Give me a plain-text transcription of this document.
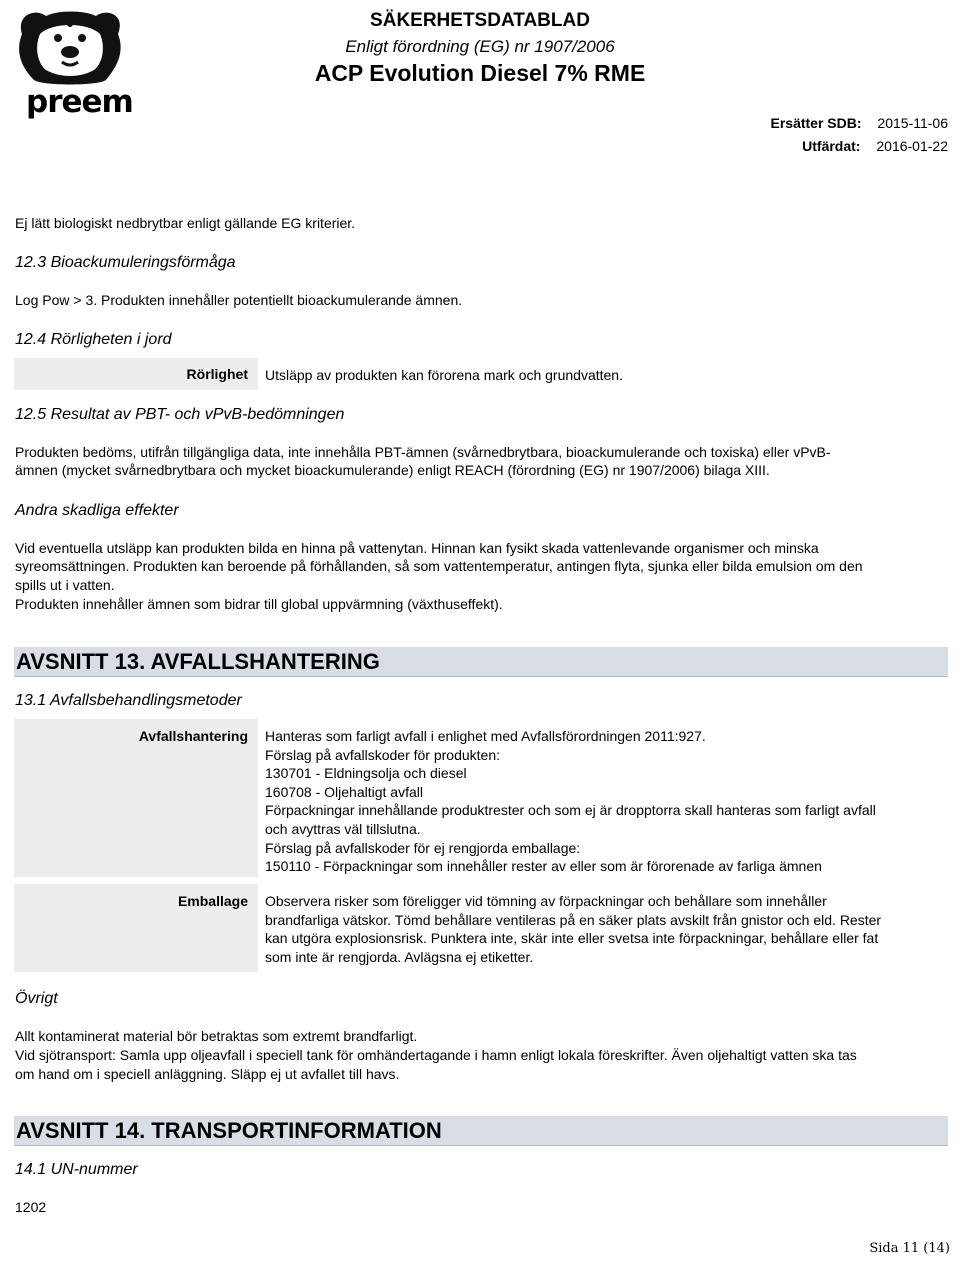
preem
SÄKERHETSDATABLAD
Enligt förordning (EG) nr 1907/2006
ACP Evolution Diesel 7% RME
Ersätter SDB: 2015-11-06
Utfärdat: 2016-01-22
Ej lätt biologiskt nedbrytbar enligt gällande EG kriterier.
12.3 Bioackumuleringsförmåga
Log Pow > 3. Produkten innehåller potentiellt bioackumulerande ämnen.
12.4 Rörligheten i jord
Rörlighet	Utsläpp av produkten kan förorena mark och grundvatten.
12.5 Resultat av PBT- och vPvB-bedömningen
Produkten bedöms, utifrån tillgängliga data, inte innehålla PBT-ämnen (svårnedbrytbara, bioackumulerande och toxiska) eller vPvB-
ämnen (mycket svårnedbrytbara och mycket bioackumulerande) enligt REACH (förordning (EG) nr 1907/2006) bilaga XIII.
Andra skadliga effekter
Vid eventuella utsläpp kan produkten bilda en hinna på vattenytan. Hinnan kan fysikt skada vattenlevande organismer och minska
syreomsättningen. Produkten kan beroende på förhållanden, så som vattentemperatur, antingen flyta, sjunka eller bilda emulsion om den
spills ut i vatten.
Produkten innehåller ämnen som bidrar till global uppvärmning (växthuseffekt).
AVSNITT 13. AVFALLSHANTERING
13.1 Avfallsbehandlingsmetoder
Avfallshantering	Hanteras som farligt avfall i enlighet med Avfallsförordningen 2011:927.
Förslag på avfallskoder för produkten:
130701 - Eldningsolja och diesel
160708 - Oljehaltigt avfall
Förpackningar innehållande produktrester och som ej är dropptorra skall hanteras som farligt avfall
och avyttras väl tillslutna.
Förslag på avfallskoder för ej rengjorda emballage:
150110 - Förpackningar som innehåller rester av eller som är förorenade av farliga ämnen
Emballage	Observera risker som föreligger vid tömning av förpackningar och behållare som innehåller
brandfarliga vätskor. Tömd behållare ventileras på en säker plats avskilt från gnistor och eld. Rester
kan utgöra explosionsrisk. Punktera inte, skär inte eller svetsa inte förpackningar, behållare eller fat
som inte är rengjorda. Avlägsna ej etiketter.
Övrigt
Allt kontaminerat material bör betraktas som extremt brandfarligt.
Vid sjötransport: Samla upp oljeavfall i speciell tank för omhändertagande i hamn enligt lokala föreskrifter. Även oljehaltigt vatten ska tas
om hand om i speciell anläggning. Släpp ej ut avfallet till havs.
AVSNITT 14. TRANSPORTINFORMATION
14.1 UN-nummer
1202
Sida 11 (14)
